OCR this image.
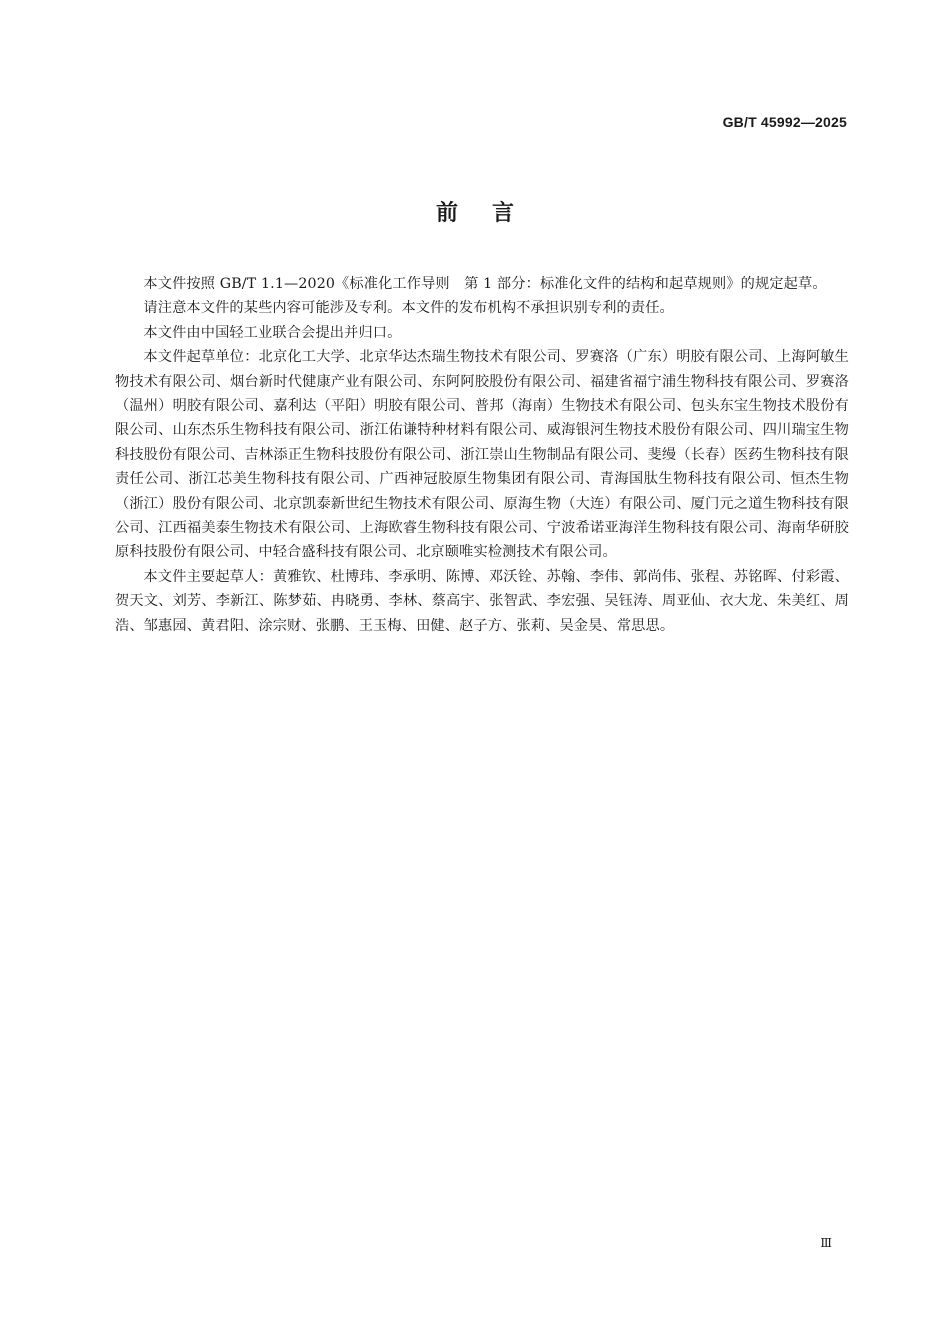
GB/T 45992—2025
前言

本文件按照 GB/T 1.1—2020《标准化工作导则　第 1 部分：标准化文件的结构和起草规则》的规定起草。

请注意本文件的某些内容可能涉及专利。本文件的发布机构不承担识别专利的责任。

本文件由中国轻工业联合会提出并归口。

本文件起草单位：北京化工大学、北京华达杰瑞生物技术有限公司、罗赛洛（广东）明胶有限公司、上海阿敏生物技术有限公司、烟台新时代健康产业有限公司、东阿阿胶股份有限公司、福建省福宁浦生物科技有限公司、罗赛洛（温州）明胶有限公司、嘉利达（平阳）明胶有限公司、普邦（海南）生物技术有限公司、包头东宝生物技术股份有限公司、山东杰乐生物科技有限公司、浙江佑谦特种材料有限公司、威海银河生物技术股份有限公司、四川瑞宝生物科技股份有限公司、吉林添正生物科技股份有限公司、浙江崇山生物制品有限公司、斐缦（长春）医药生物科技有限责任公司、浙江芯美生物科技有限公司、广西神冠胶原生物集团有限公司、青海国肽生物科技有限公司、恒杰生物（浙江）股份有限公司、北京凯泰新世纪生物技术有限公司、原海生物（大连）有限公司、厦门元之道生物科技有限公司、江西福美泰生物技术有限公司、上海欧睿生物科技有限公司、宁波希诺亚海洋生物科技有限公司、海南华研胶原科技股份有限公司、中轻合盛科技有限公司、北京颐唯实检测技术有限公司。

本文件主要起草人：黄雅钦、杜博玮、李承明、陈博、邓沃铨、苏翰、李伟、郭尚伟、张程、苏铭晖、付彩霞、贺天文、刘芳、李新江、陈梦茹、冉晓勇、李林、蔡高宇、张智武、李宏强、吴钰涛、周亚仙、衣大龙、朱美红、周浩、邹惠园、黄君阳、涂宗财、张鹏、王玉梅、田健、赵子方、张莉、吴金昊、常思思。

Ⅲ
